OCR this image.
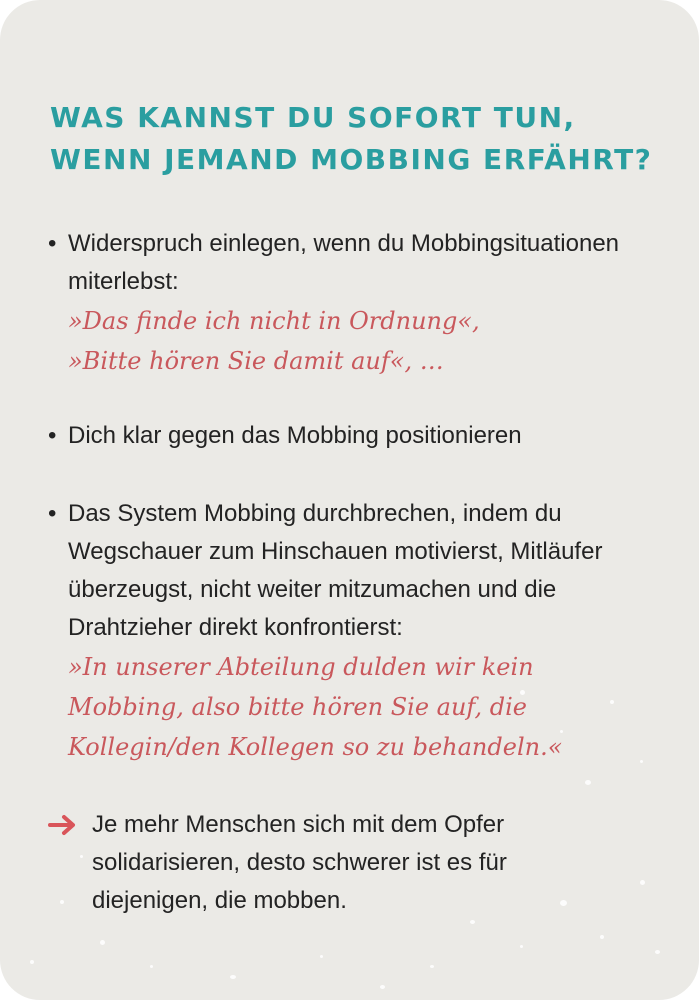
WAS KANNST DU SOFORT TUN,
WENN JEMAND MOBBING ERFÄHRT?
• Widerspruch einlegen, wenn du Mobbingsituationen
miterlebst:
»Das finde ich nicht in Ordnung«,
»Bitte hören Sie damit auf«, …
• Dich klar gegen das Mobbing positionieren
• Das System Mobbing durchbrechen, indem du
Wegschauer zum Hinschauen motivierst, Mitläufer
überzeugst, nicht weiter mitzumachen und die
Drahtzieher direkt konfrontierst:
»In unserer Abteilung dulden wir kein
Mobbing, also bitte hören Sie auf, die
Kollegin/den Kollegen so zu behandeln.«
Je mehr Menschen sich mit dem Opfer
solidarisieren, desto schwerer ist es für
diejenigen, die mobben.
